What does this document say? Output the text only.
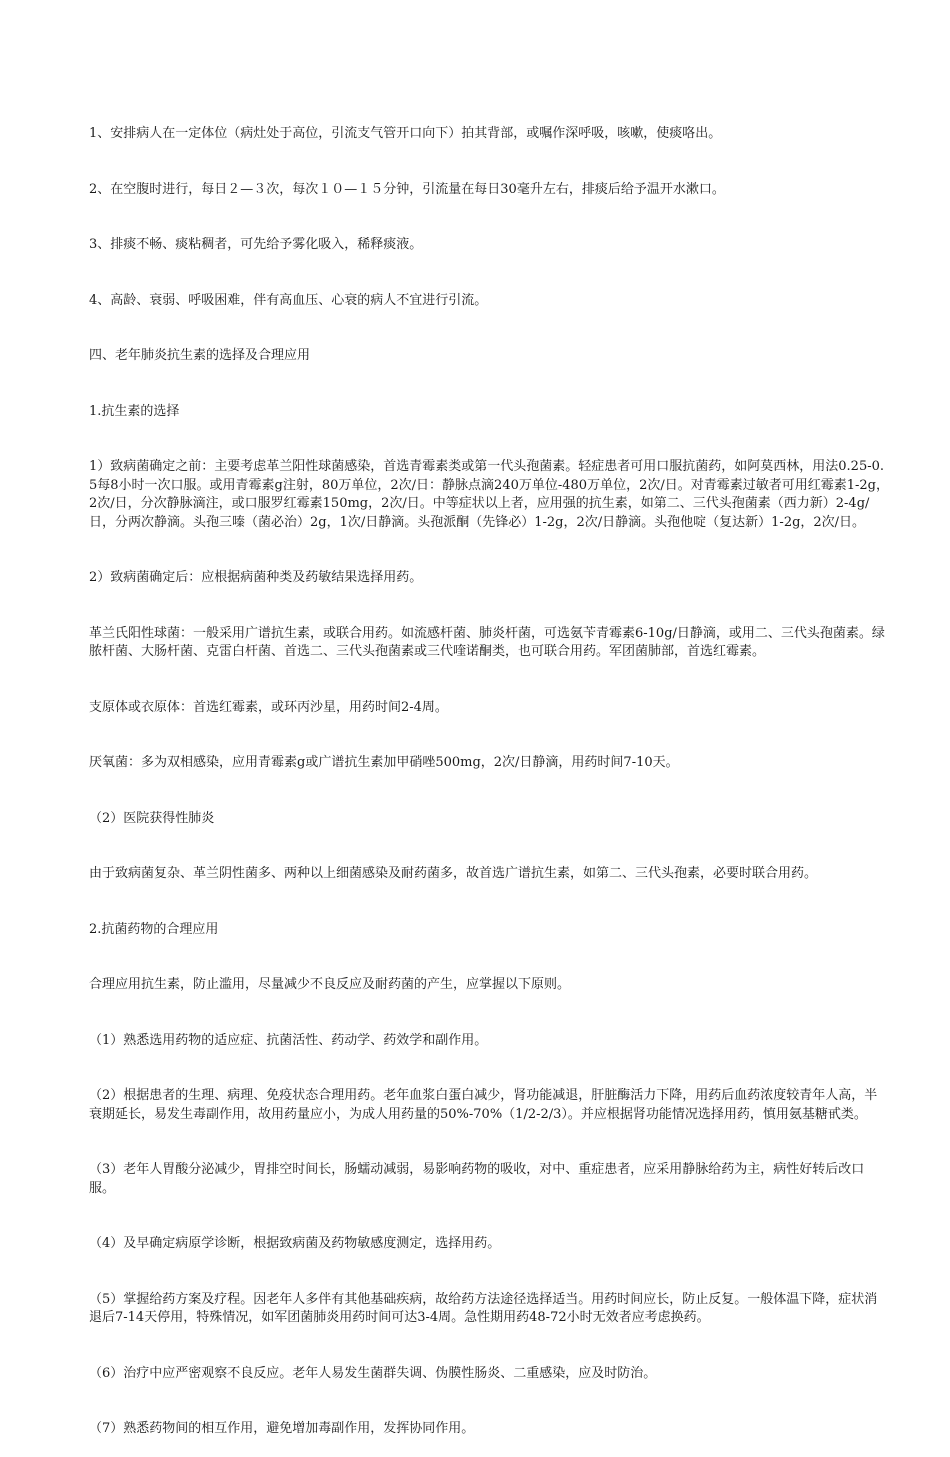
1、安排病人在一定体位（病灶处于高位，引流支气管开口向下）拍其背部，或嘱作深呼吸，咳嗽，使痰咯出。

2、在空腹时进行，每日２—３次，每次１０—１５分钟，引流量在每日30毫升左右，排痰后给予温开水漱口。

3、排痰不畅、痰粘稠者，可先给予雾化吸入，稀释痰液。

4、高龄、衰弱、呼吸困难，伴有高血压、心衰的病人不宜进行引流。

四、老年肺炎抗生素的选择及合理应用

1.抗生素的选择

1）致病菌确定之前：主要考虑革兰阳性球菌感染，首选青霉素类或第一代头孢菌素。轻症患者可用口服抗菌药，如阿莫西林，用法0.25-0.5每8小时一次口服。或用青霉素g注射，80万单位，2次/日：静脉点滴240万单位-480万单位，2次/日。对青霉素过敏者可用红霉素1-2g，2次/日，分次静脉滴注，或口服罗红霉素150mg，2次/日。中等症状以上者，应用强的抗生素，如第二、三代头孢菌素（西力新）2-4g/日，分两次静滴。头孢三嗪（菌必治）2g，1次/日静滴。头孢派酮（先锋必）1-2g，2次/日静滴。头孢他啶（复达新）1-2g，2次/日。

2）致病菌确定后：应根据病菌种类及药敏结果选择用药。

革兰氏阳性球菌：一般采用广谱抗生素，或联合用药。如流感杆菌、肺炎杆菌，可选氨苄青霉素6-10g/日静滴，或用二、三代头孢菌素。绿脓杆菌、大肠杆菌、克雷白杆菌、首选二、三代头孢菌素或三代喹诺酮类，也可联合用药。军团菌肺部，首选红霉素。

支原体或衣原体：首选红霉素，或环丙沙星，用药时间2-4周。

厌氧菌：多为双相感染，应用青霉素g或广谱抗生素加甲硝唑500mg，2次/日静滴，用药时间7-10天。

（2）医院获得性肺炎

由于致病菌复杂、革兰阴性菌多、两种以上细菌感染及耐药菌多，故首选广谱抗生素，如第二、三代头孢素，必要时联合用药。

2.抗菌药物的合理应用

合理应用抗生素，防止滥用，尽量减少不良反应及耐药菌的产生，应掌握以下原则。

（1）熟悉选用药物的适应症、抗菌活性、药动学、药效学和副作用。

（2）根据患者的生理、病理、免疫状态合理用药。老年血浆白蛋白减少，肾功能减退，肝脏酶活力下降，用药后血药浓度较青年人高，半衰期延长，易发生毒副作用，故用药量应小，为成人用药量的50%-70%（1/2-2/3）。并应根据肾功能情况选择用药，慎用氨基糖甙类。

（3）老年人胃酸分泌减少，胃排空时间长，肠蠕动减弱，易影响药物的吸收，对中、重症患者，应采用静脉给药为主，病性好转后改口服。

（4）及早确定病原学诊断，根据致病菌及药物敏感度测定，选择用药。

（5）掌握给药方案及疗程。因老年人多伴有其他基础疾病，故给药方法途径选择适当。用药时间应长，防止反复。一般体温下降，症状消退后7-14天停用，特殊情况，如军团菌肺炎用药时间可达3-4周。急性期用药48-72小时无效者应考虑换药。

（6）治疗中应严密观察不良反应。老年人易发生菌群失调、伪膜性肠炎、二重感染，应及时防治。

（7）熟悉药物间的相互作用，避免增加毒副作用，发挥协同作用。
